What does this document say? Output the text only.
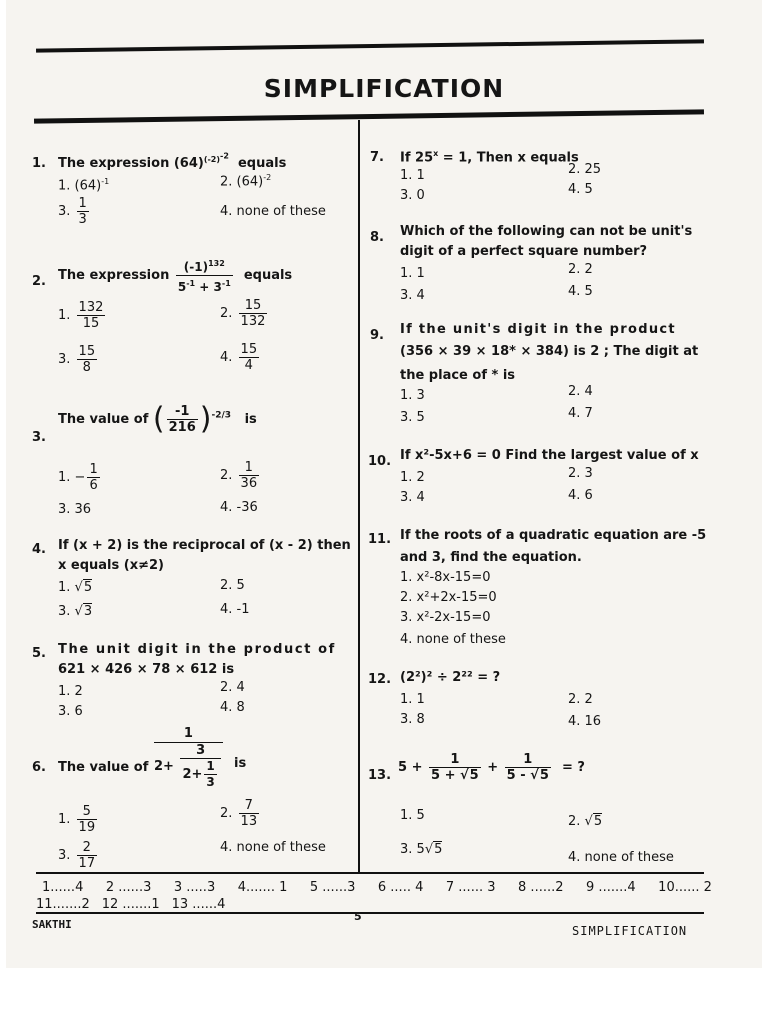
SIMPLIFICATION
1. The expression $(64)^{(-2)^{-2}}$  equals
1. $(64)^{-1}$	2. $(64)^{-2}$
3. $\frac{1}{3}$	4. none of these
2. The expression $\frac{(-1)^{132}}{5^{-1} + 3^{-1}}$ equals
1. $\frac{132}{15}$	2. $\frac{15}{132}$
3. $\frac{15}{8}$	4. $\frac{15}{4}$
3.
The value of ( $\frac{-1}{216} )^{-2/3}$ is
1. − $\frac{1}{6}$	2. $\frac{1}{36}$
3. 36	4. -36
4. If (x + 2) is the reciprocal of (x - 2) then
x equals (x≠2)
1. √5	2. 5
3. √3	4. -1
5. The unit digit in the product of
621 × 426 × 78 × 612 is
1. 2	2. 4
3. 6	4. 8
6. The value of
1
$2+ \frac{3}{2+ \frac{1}{3}}$ is
1. $\frac{5}{19}$	2. $\frac{7}{13}$
3. $\frac{2}{17}$	4. none of these
7. If $25^x = 1$, Then x equals
1. 1	2. 25
3. 0	4. 5
8. Which of the following can not be unit's
digit of a perfect square number?
1. 1	2. 2
3. 4	4. 5
9. If the unit's digit in the product
(356 × 39 × 18* × 384) is 2 ; The digit at
the place of * is
1. 3	2. 4
3. 5	4. 7
10. If x²-5x+6 = 0 Find the largest value of x
1. 2	2. 3
3. 4	4. 6
11. If the roots of a quadratic equation are -5
and 3, find the equation.
1. x²-8x-15=0
2. x²+2x-15=0
3. x²-2x-15=0
4. none of these
12. (2²)² ÷ 2²² = ?
1. 1	2. 2
3. 8	4. 16
13.
$5 + \frac{1}{5 + √5} + \frac{1}{5 - √5}$ = ?
1. 5	2. √5
3. 5√5
4. none of these
1......4 2 ......3 3 .....3 4....... 1 5 ......3 6 ..... 4 7 ...... 3 8 ......2 9 .......4 10...... 2
11.......2 12 .......1 13 ......4
SAKTHI
5
SIMPLIFICATION
